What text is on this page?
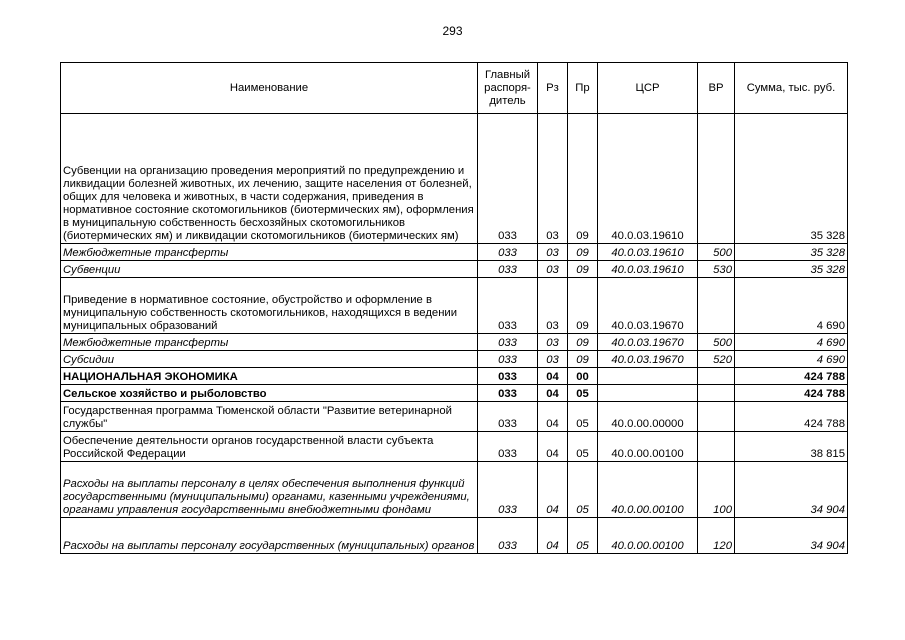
293
Наименование	Главный распоря-дитель	Рз	Пр	ЦСР	ВР	Сумма, тыс. руб.
Субвенции на организацию проведения мероприятий по предупреждению и ликвидации болезней животных, их лечению, защите населения от болезней, общих для человека и животных, в части содержания, приведения в нормативное состояние скотомогильников (биотермических ям), оформления в муниципальную собственность бесхозяйных скотомогильников (биотермических ям) и ликвидации скотомогильников (биотермических ям)	033	03	09	40.0.03.19610		35 328
Межбюджетные трансферты	033	03	09	40.0.03.19610	500	35 328
Субвенции	033	03	09	40.0.03.19610	530	35 328
Приведение в нормативное состояние, обустройство и оформление в муниципальную собственность скотомогильников, находящихся в ведении муниципальных образований	033	03	09	40.0.03.19670		4 690
Межбюджетные трансферты	033	03	09	40.0.03.19670	500	4 690
Субсидии	033	03	09	40.0.03.19670	520	4 690
НАЦИОНАЛЬНАЯ ЭКОНОМИКА	033	04	00			424 788
Сельское хозяйство и рыболовство	033	04	05			424 788
Государственная программа Тюменской области "Развитие ветеринарной службы"	033	04	05	40.0.00.00000		424 788
Обеспечение деятельности органов государственной власти субъекта Российской Федерации	033	04	05	40.0.00.00100		38 815
Расходы на выплаты персоналу в целях обеспечения выполнения функций государственными (муниципальными) органами, казенными учреждениями, органами управления государственными внебюджетными фондами	033	04	05	40.0.00.00100	100	34 904
Расходы на выплаты персоналу государственных (муниципальных) органов	033	04	05	40.0.00.00100	120	34 904
